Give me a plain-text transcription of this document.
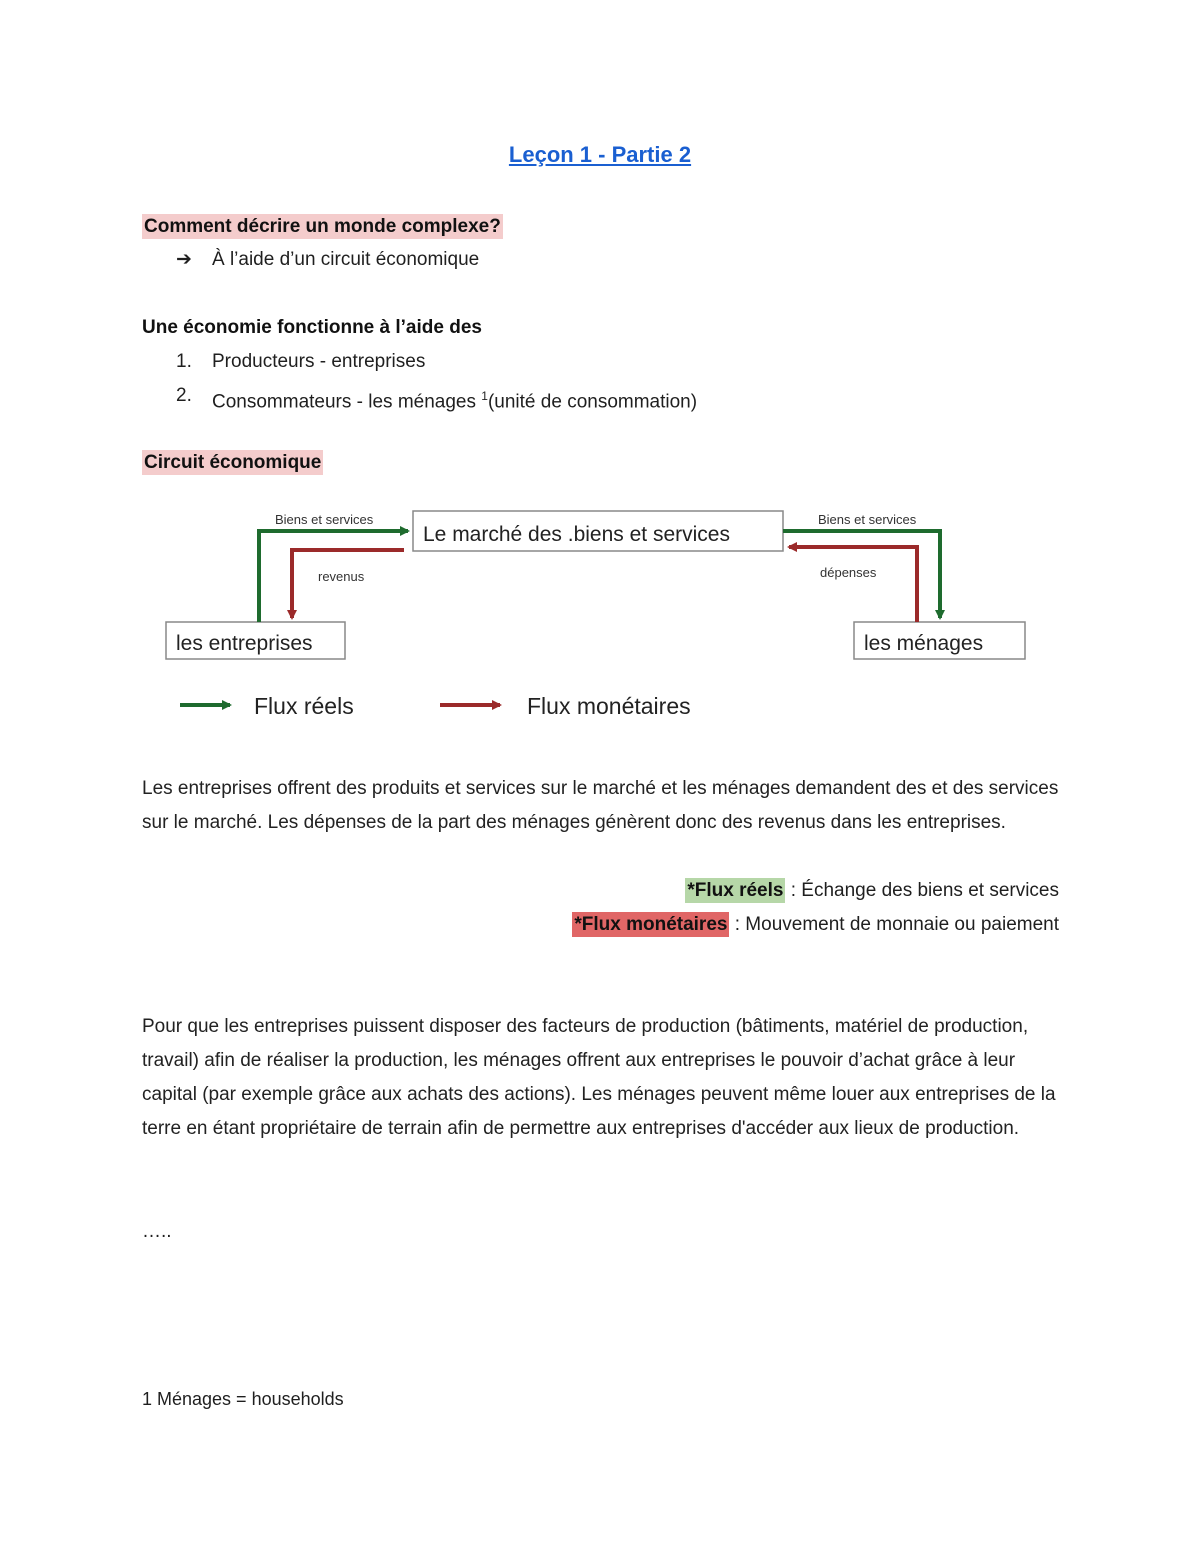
Leçon 1 - Partie 2
Comment décrire un monde complexe?
➔ À l’aide d’un circuit économique
Une économie fonctionne à l’aide des
1. Producteurs - entreprises
2. Consommateurs - les ménages $^1$(unité de consommation)
Circuit économique
Le marché des .biens et services
les entreprises	les ménages
Biens et services
revenus
Biens et services
dépenses
Flux réels	Flux monétaires
Les entreprises offrent des produits et services sur le marché et les ménages demandent des et des services sur le marché. Les dépenses de la part des ménages génèrent donc des revenus dans les entreprises.
*Flux réels : Échange des biens et services
*Flux monétaires : Mouvement de monnaie ou paiement
Pour que les entreprises puissent disposer des facteurs de production (bâtiments, matériel de production, travail) afin de réaliser la production, les ménages offrent aux entreprises le pouvoir d’achat grâce à leur capital (par exemple grâce aux achats des actions). Les ménages peuvent même louer aux entreprises de la terre en étant propriétaire de terrain afin de permettre aux entreprises d'accéder aux lieux de production.
…..
1 Ménages = households
